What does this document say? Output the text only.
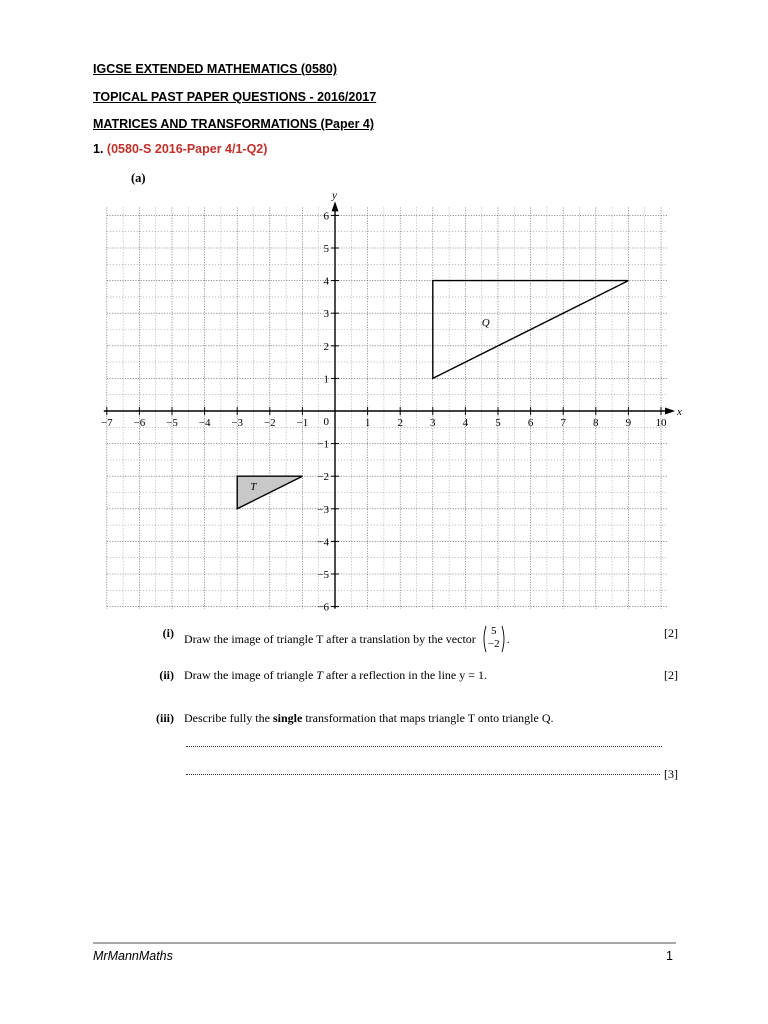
IGCSE EXTENDED MATHEMATICS (0580)
TOPICAL PAST PAPER QUESTIONS - 2016/2017
MATRICES AND TRANSFORMATIONS (Paper 4)
1. (0580-S 2016-Paper 4/1-Q2)
(a)
x
y
−7 −6 −5 −4 −3 −2 −1	1 2 3 4 5 6 7 8 9 10
6
5
4
3
2
1
−1
−2
−3
−4
−5
−6
0
Q
T
(i) Draw the image of triangle T after a translation by the vector
5
−2 .	[2]
(ii) Draw the image of triangle T after a reflection in the line y = 1.	[2]
(iii) Describe fully the single transformation that maps triangle T onto triangle Q.
[3]
MrMannMaths	1
